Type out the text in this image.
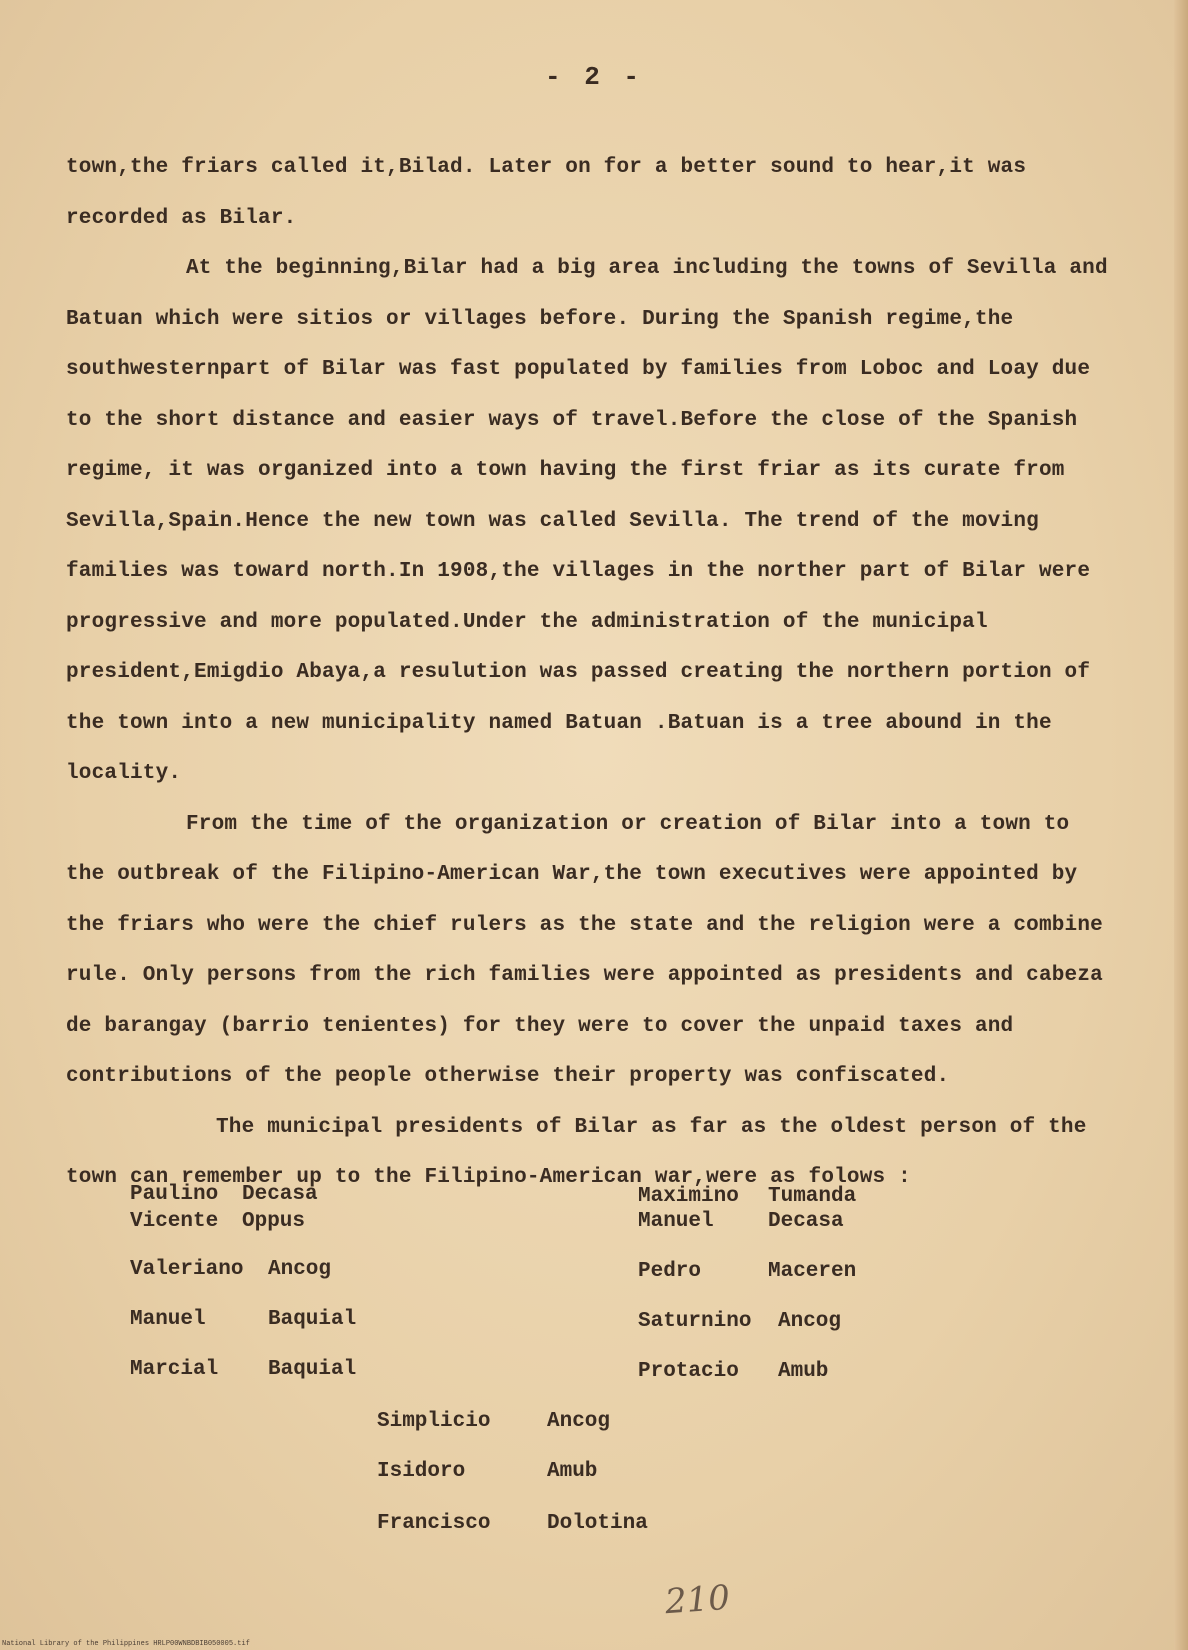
- 2 -

town,the friars called it,Bilad. Later on for a better sound to hear,it was recorded as Bilar.

At the beginning,Bilar had a big area including the towns of Sevilla and Batuan which were sitios or villages before. During the Spanish regime,the southwesternpart of Bilar was fast populated by families from Loboc and Loay due to the short distance and easier ways of travel.Before the close of the Spanish regime, it was organized into a town having the first friar as its curate from Sevilla,Spain.Hence the new town was called Sevilla. The trend of the moving families was toward north.In 1908,the villages in the norther part of Bilar were progressive and more populated.Under the administration of the municipal president,Emigdio Abaya,a resulution was passed creating the northern portion of the town into a new municipality named Batuan .Batuan is a tree abound in the locality.

From the time of the organization or creation of Bilar into a town to the outbreak of the Filipino-American War,the town executives were appointed by the friars who were the chief rulers as the state and the religion were a combine rule. Only persons from the rich families were appointed as presidents and cabeza de barangay (barrio tenientes) for they were to cover the unpaid taxes and contributions of the people otherwise their property was confiscated.

The municipal presidents of Bilar as far as the oldest person of the town can remember up to the Filipino-American war,were as folows :

Paulino Decasa
Vicente Oppus
Valeriano Ancog
Manuel	Baquial
Marcial Baquial
Maximino Tumanda
Manuel	Decasa
Pedro	Maceren
Saturnino Ancog
Protacio Amub
Simplicio	Ancog
Isidoro	Amub
Francisco	Dolotina
210
National Library of the Philippines HRLP00WNBDBIB050005.tif
